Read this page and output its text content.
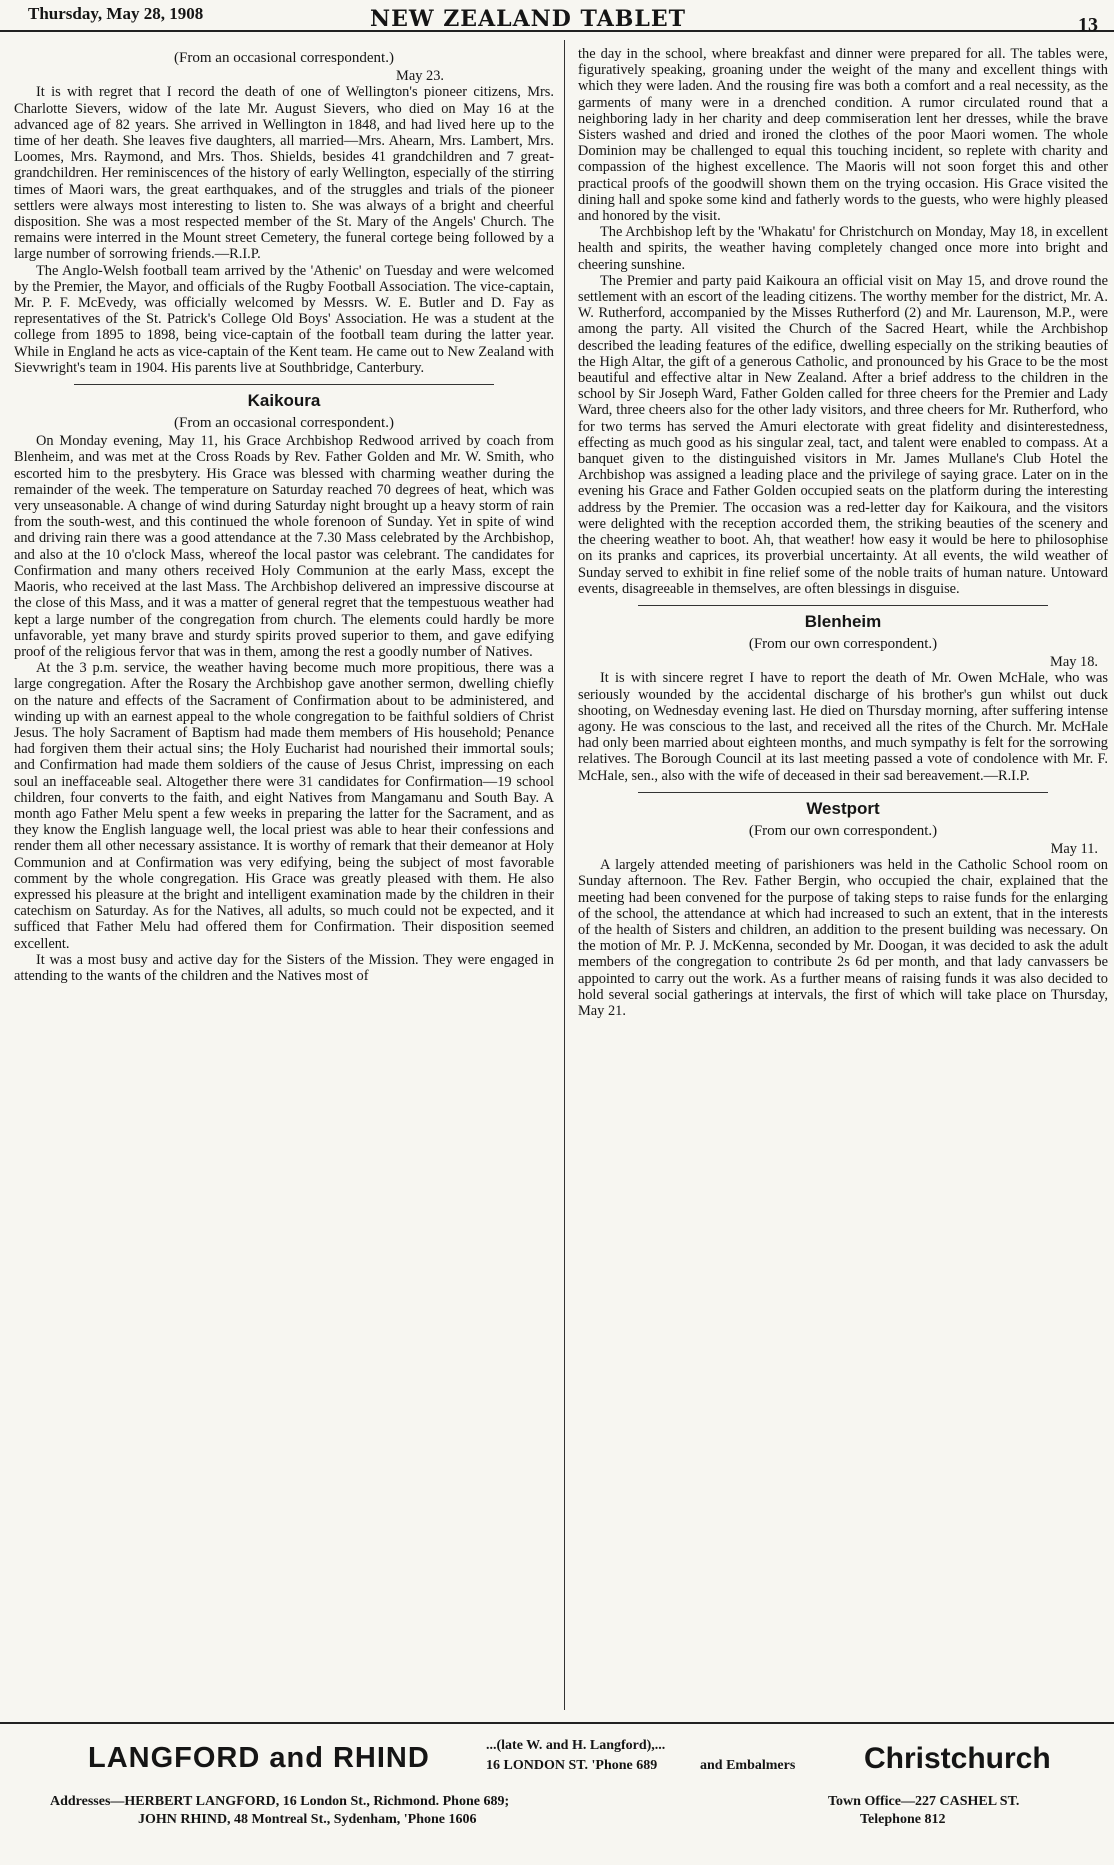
Thursday, May 28, 1908	NEW ZEALAND TABLET	13

(From an occasional correspondent.)

May 23.

It is with regret that I record the death of one of Wellington's pioneer citizens, Mrs. Charlotte Sievers, widow of the late Mr. August Sievers, who died on May 16 at the advanced age of 82 years. She arrived in Wellington in 1848, and had lived here up to the time of her death. She leaves five daughters, all married—Mrs. Ahearn, Mrs. Lambert, Mrs. Loomes, Mrs. Raymond, and Mrs. Thos. Shields, besides 41 grandchildren and 7 great-grandchildren. Her reminiscences of the history of early Wellington, especially of the stirring times of Maori wars, the great earthquakes, and of the struggles and trials of the pioneer settlers were always most interesting to listen to. She was always of a bright and cheerful disposition. She was a most respected member of the St. Mary of the Angels' Church. The remains were interred in the Mount street Cemetery, the funeral cortege being followed by a large number of sorrowing friends.—R.I.P.

The Anglo-Welsh football team arrived by the 'Athenic' on Tuesday and were welcomed by the Premier, the Mayor, and officials of the Rugby Football Association. The vice-captain, Mr. P. F. McEvedy, was officially welcomed by Messrs. W. E. Butler and D. Fay as representatives of the St. Patrick's College Old Boys' Association. He was a student at the college from 1895 to 1898, being vice-captain of the football team during the latter year. While in England he acts as vice-captain of the Kent team. He came out to New Zealand with Sievwright's team in 1904. His parents live at Southbridge, Canterbury.

Kaikoura

(From an occasional correspondent.)

On Monday evening, May 11, his Grace Archbishop Redwood arrived by coach from Blenheim, and was met at the Cross Roads by Rev. Father Golden and Mr. W. Smith, who escorted him to the presbytery. His Grace was blessed with charming weather during the remainder of the week. The temperature on Saturday reached 70 degrees of heat, which was very unseasonable. A change of wind during Saturday night brought up a heavy storm of rain from the south-west, and this continued the whole forenoon of Sunday. Yet in spite of wind and driving rain there was a good attendance at the 7.30 Mass celebrated by the Archbishop, and also at the 10 o'clock Mass, whereof the local pastor was celebrant. The candidates for Confirmation and many others received Holy Communion at the early Mass, except the Maoris, who received at the last Mass. The Archbishop delivered an impressive discourse at the close of this Mass, and it was a matter of general regret that the tempestuous weather had kept a large number of the congregation from church. The elements could hardly be more unfavorable, yet many brave and sturdy spirits proved superior to them, and gave edifying proof of the religious fervor that was in them, among the rest a goodly number of Natives.

At the 3 p.m. service, the weather having become much more propitious, there was a large congregation. After the Rosary the Archbishop gave another sermon, dwelling chiefly on the nature and effects of the Sacrament of Confirmation about to be administered, and winding up with an earnest appeal to the whole congregation to be faithful soldiers of Christ Jesus. The holy Sacrament of Baptism had made them members of His household; Penance had forgiven them their actual sins; the Holy Eucharist had nourished their immortal souls; and Confirmation had made them soldiers of the cause of Jesus Christ, impressing on each soul an ineffaceable seal. Altogether there were 31 candidates for Confirmation—19 school children, four converts to the faith, and eight Natives from Mangamanu and South Bay. A month ago Father Melu spent a few weeks in preparing the latter for the Sacrament, and as they know the English language well, the local priest was able to hear their confessions and render them all other necessary assistance. It is worthy of remark that their demeanor at Holy Communion and at Confirmation was very edifying, being the subject of most favorable comment by the whole congregation. His Grace was greatly pleased with them. He also expressed his pleasure at the bright and intelligent examination made by the children in their catechism on Saturday. As for the Natives, all adults, so much could not be expected, and it sufficed that Father Melu had offered them for Confirmation. Their disposition seemed excellent.

It was a most busy and active day for the Sisters of the Mission. They were engaged in attending to the wants of the children and the Natives most of

the day in the school, where breakfast and dinner were prepared for all. The tables were, figuratively speaking, groaning under the weight of the many and excellent things with which they were laden. And the rousing fire was both a comfort and a real necessity, as the garments of many were in a drenched condition. A rumor circulated round that a neighboring lady in her charity and deep commiseration lent her dresses, while the brave Sisters washed and dried and ironed the clothes of the poor Maori women. The whole Dominion may be challenged to equal this touching incident, so replete with charity and compassion of the highest excellence. The Maoris will not soon forget this and other practical proofs of the goodwill shown them on the trying occasion. His Grace visited the dining hall and spoke some kind and fatherly words to the guests, who were highly pleased and honored by the visit.

The Archbishop left by the 'Whakatu' for Christchurch on Monday, May 18, in excellent health and spirits, the weather having completely changed once more into bright and cheering sunshine.

The Premier and party paid Kaikoura an official visit on May 15, and drove round the settlement with an escort of the leading citizens. The worthy member for the district, Mr. A. W. Rutherford, accompanied by the Misses Rutherford (2) and Mr. Laurenson, M.P., were among the party. All visited the Church of the Sacred Heart, while the Archbishop described the leading features of the edifice, dwelling especially on the striking beauties of the High Altar, the gift of a generous Catholic, and pronounced by his Grace to be the most beautiful and effective altar in New Zealand. After a brief address to the children in the school by Sir Joseph Ward, Father Golden called for three cheers for the Premier and Lady Ward, three cheers also for the other lady visitors, and three cheers for Mr. Rutherford, who for two terms has served the Amuri electorate with great fidelity and disinterestedness, effecting as much good as his singular zeal, tact, and talent were enabled to compass. At a banquet given to the distinguished visitors in Mr. James Mullane's Club Hotel the Archbishop was assigned a leading place and the privilege of saying grace. Later on in the evening his Grace and Father Golden occupied seats on the platform during the interesting address by the Premier. The occasion was a red-letter day for Kaikoura, and the visitors were delighted with the reception accorded them, the striking beauties of the scenery and the cheering weather to boot. Ah, that weather! how easy it would be here to philosophise on its pranks and caprices, its proverbial uncertainty. At all events, the wild weather of Sunday served to exhibit in fine relief some of the noble traits of human nature. Untoward events, disagreeable in themselves, are often blessings in disguise.

Blenheim

(From our own correspondent.)

May 18.

It is with sincere regret I have to report the death of Mr. Owen McHale, who was seriously wounded by the accidental discharge of his brother's gun whilst out duck shooting, on Wednesday evening last. He died on Thursday morning, after suffering intense agony. He was conscious to the last, and received all the rites of the Church. Mr. McHale had only been married about eighteen months, and much sympathy is felt for the sorrowing relatives. The Borough Council at its last meeting passed a vote of condolence with Mr. F. McHale, sen., also with the wife of deceased in their sad bereavement.—R.I.P.

Westport

(From our own correspondent.)

May 11.

A largely attended meeting of parishioners was held in the Catholic School room on Sunday afternoon. The Rev. Father Bergin, who occupied the chair, explained that the meeting had been convened for the purpose of taking steps to raise funds for the enlarging of the school, the attendance at which had increased to such an extent, that in the interests of the health of Sisters and children, an addition to the present building was necessary. On the motion of Mr. P. J. McKenna, seconded by Mr. Doogan, it was decided to ask the adult members of the congregation to contribute 2s 6d per month, and that lady canvassers be appointed to carry out the work. As a further means of raising funds it was also decided to hold several social gatherings at intervals, the first of which will take place on Thursday, May 21.

LANGFORD and RHIND	...(late W. and H. Langford),...
16 LONDON ST. 'Phone 689	and Embalmers Christchurch
Addresses—HERBERT LANGFORD, 16 London St., Richmond. Phone 689;
JOHN RHIND, 48 Montreal St., Sydenham, 'Phone 1606
Town Office—227 CASHEL ST.
Telephone 812
